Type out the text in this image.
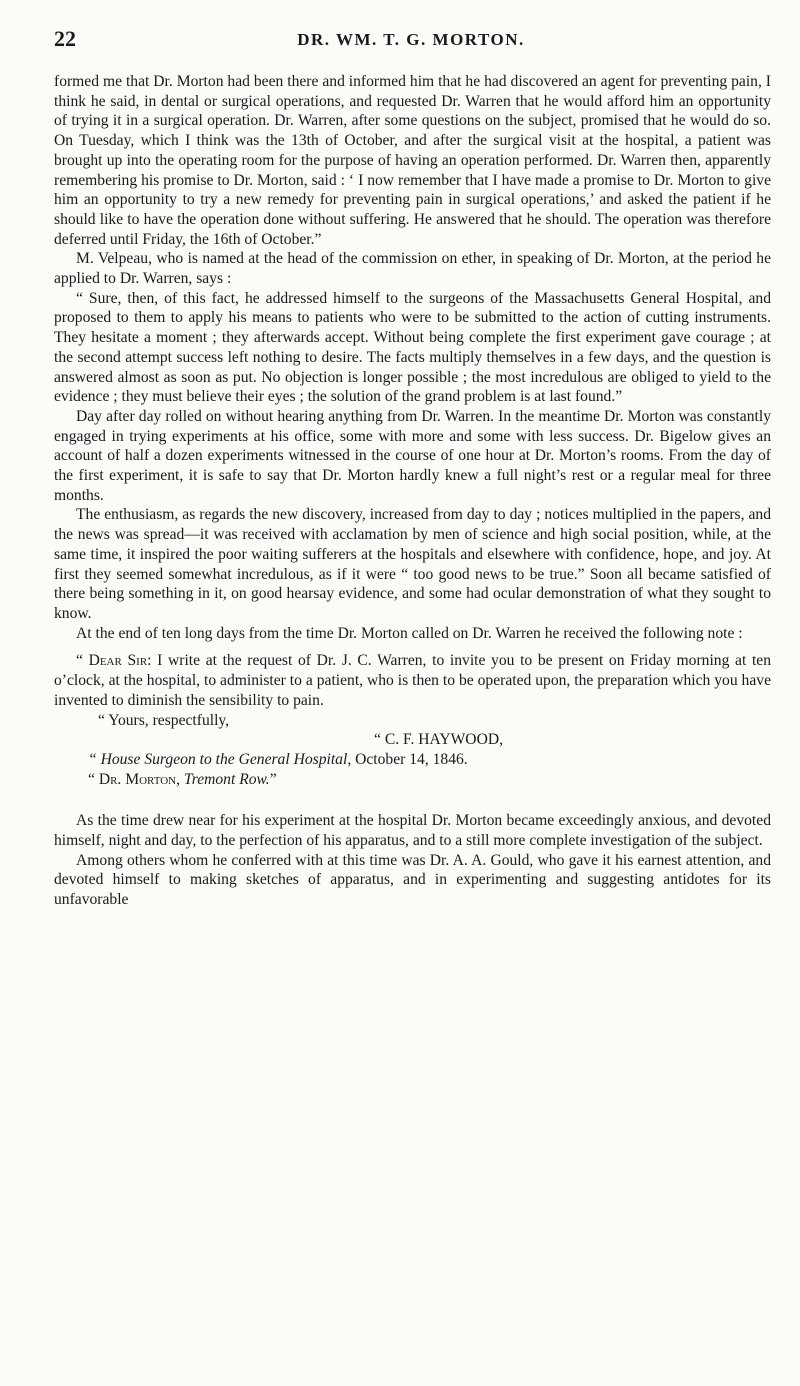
22	DR. WM. T. G. MORTON.

formed me that Dr. Morton had been there and informed him that he had discovered an agent for preventing pain, I think he said, in dental or surgical operations, and requested Dr. Warren that he would afford him an opportunity of trying it in a surgical operation. Dr. Warren, after some questions on the subject, promised that he would do so. On Tuesday, which I think was the 13th of October, and after the surgical visit at the hospital, a patient was brought up into the operating room for the purpose of having an operation performed. Dr. Warren then, apparently remembering his promise to Dr. Morton, said : ‘ I now remember that I have made a promise to Dr. Morton to give him an opportunity to try a new remedy for preventing pain in surgical operations,’ and asked the patient if he should like to have the operation done without suffering. He answered that he should. The operation was therefore deferred until Friday, the 16th of October.”

M. Velpeau, who is named at the head of the commission on ether, in speaking of Dr. Morton, at the period he applied to Dr. Warren, says :

“ Sure, then, of this fact, he addressed himself to the surgeons of the Massachusetts General Hospital, and proposed to them to apply his means to patients who were to be submitted to the action of cutting instruments. They hesitate a moment ; they afterwards accept. Without being complete the first experiment gave courage ; at the second attempt success left nothing to desire. The facts multiply themselves in a few days, and the question is answered almost as soon as put. No objection is longer possible ; the most incredulous are obliged to yield to the evidence ; they must believe their eyes ; the solution of the grand problem is at last found.”

Day after day rolled on without hearing anything from Dr. Warren. In the meantime Dr. Morton was constantly engaged in trying experiments at his office, some with more and some with less success. Dr. Bigelow gives an account of half a dozen experiments witnessed in the course of one hour at Dr. Morton’s rooms. From the day of the first experiment, it is safe to say that Dr. Morton hardly knew a full night’s rest or a regular meal for three months.

The enthusiasm, as regards the new discovery, increased from day to day ; notices multiplied in the papers, and the news was spread—it was received with acclamation by men of science and high social position, while, at the same time, it inspired the poor waiting sufferers at the hospitals and elsewhere with confidence, hope, and joy. At first they seemed somewhat incredulous, as if it were “ too good news to be true.” Soon all became satisfied of there being something in it, on good hearsay evidence, and some had ocular demonstration of what they sought to know.

At the end of ten long days from the time Dr. Morton called on Dr. Warren he received the following note :

“ Dear Sir: I write at the request of Dr. J. C. Warren, to invite you to be present on Friday morning at ten o’clock, at the hospital, to administer to a patient, who is then to be operated upon, the preparation which you have invented to diminish the sensibility to pain.

“ Yours, respectfully,
“ C. F. HAYWOOD,
“ House Surgeon to the General Hospital, October 14, 1846.
“ Dr. Morton, Tremont Row.”

As the time drew near for his experiment at the hospital Dr. Morton became exceedingly anxious, and devoted himself, night and day, to the perfection of his apparatus, and to a still more complete investigation of the subject.

Among others whom he conferred with at this time was Dr. A. A. Gould, who gave it his earnest attention, and devoted himself to making sketches of apparatus, and in experimenting and suggesting antidotes for its unfavorable
